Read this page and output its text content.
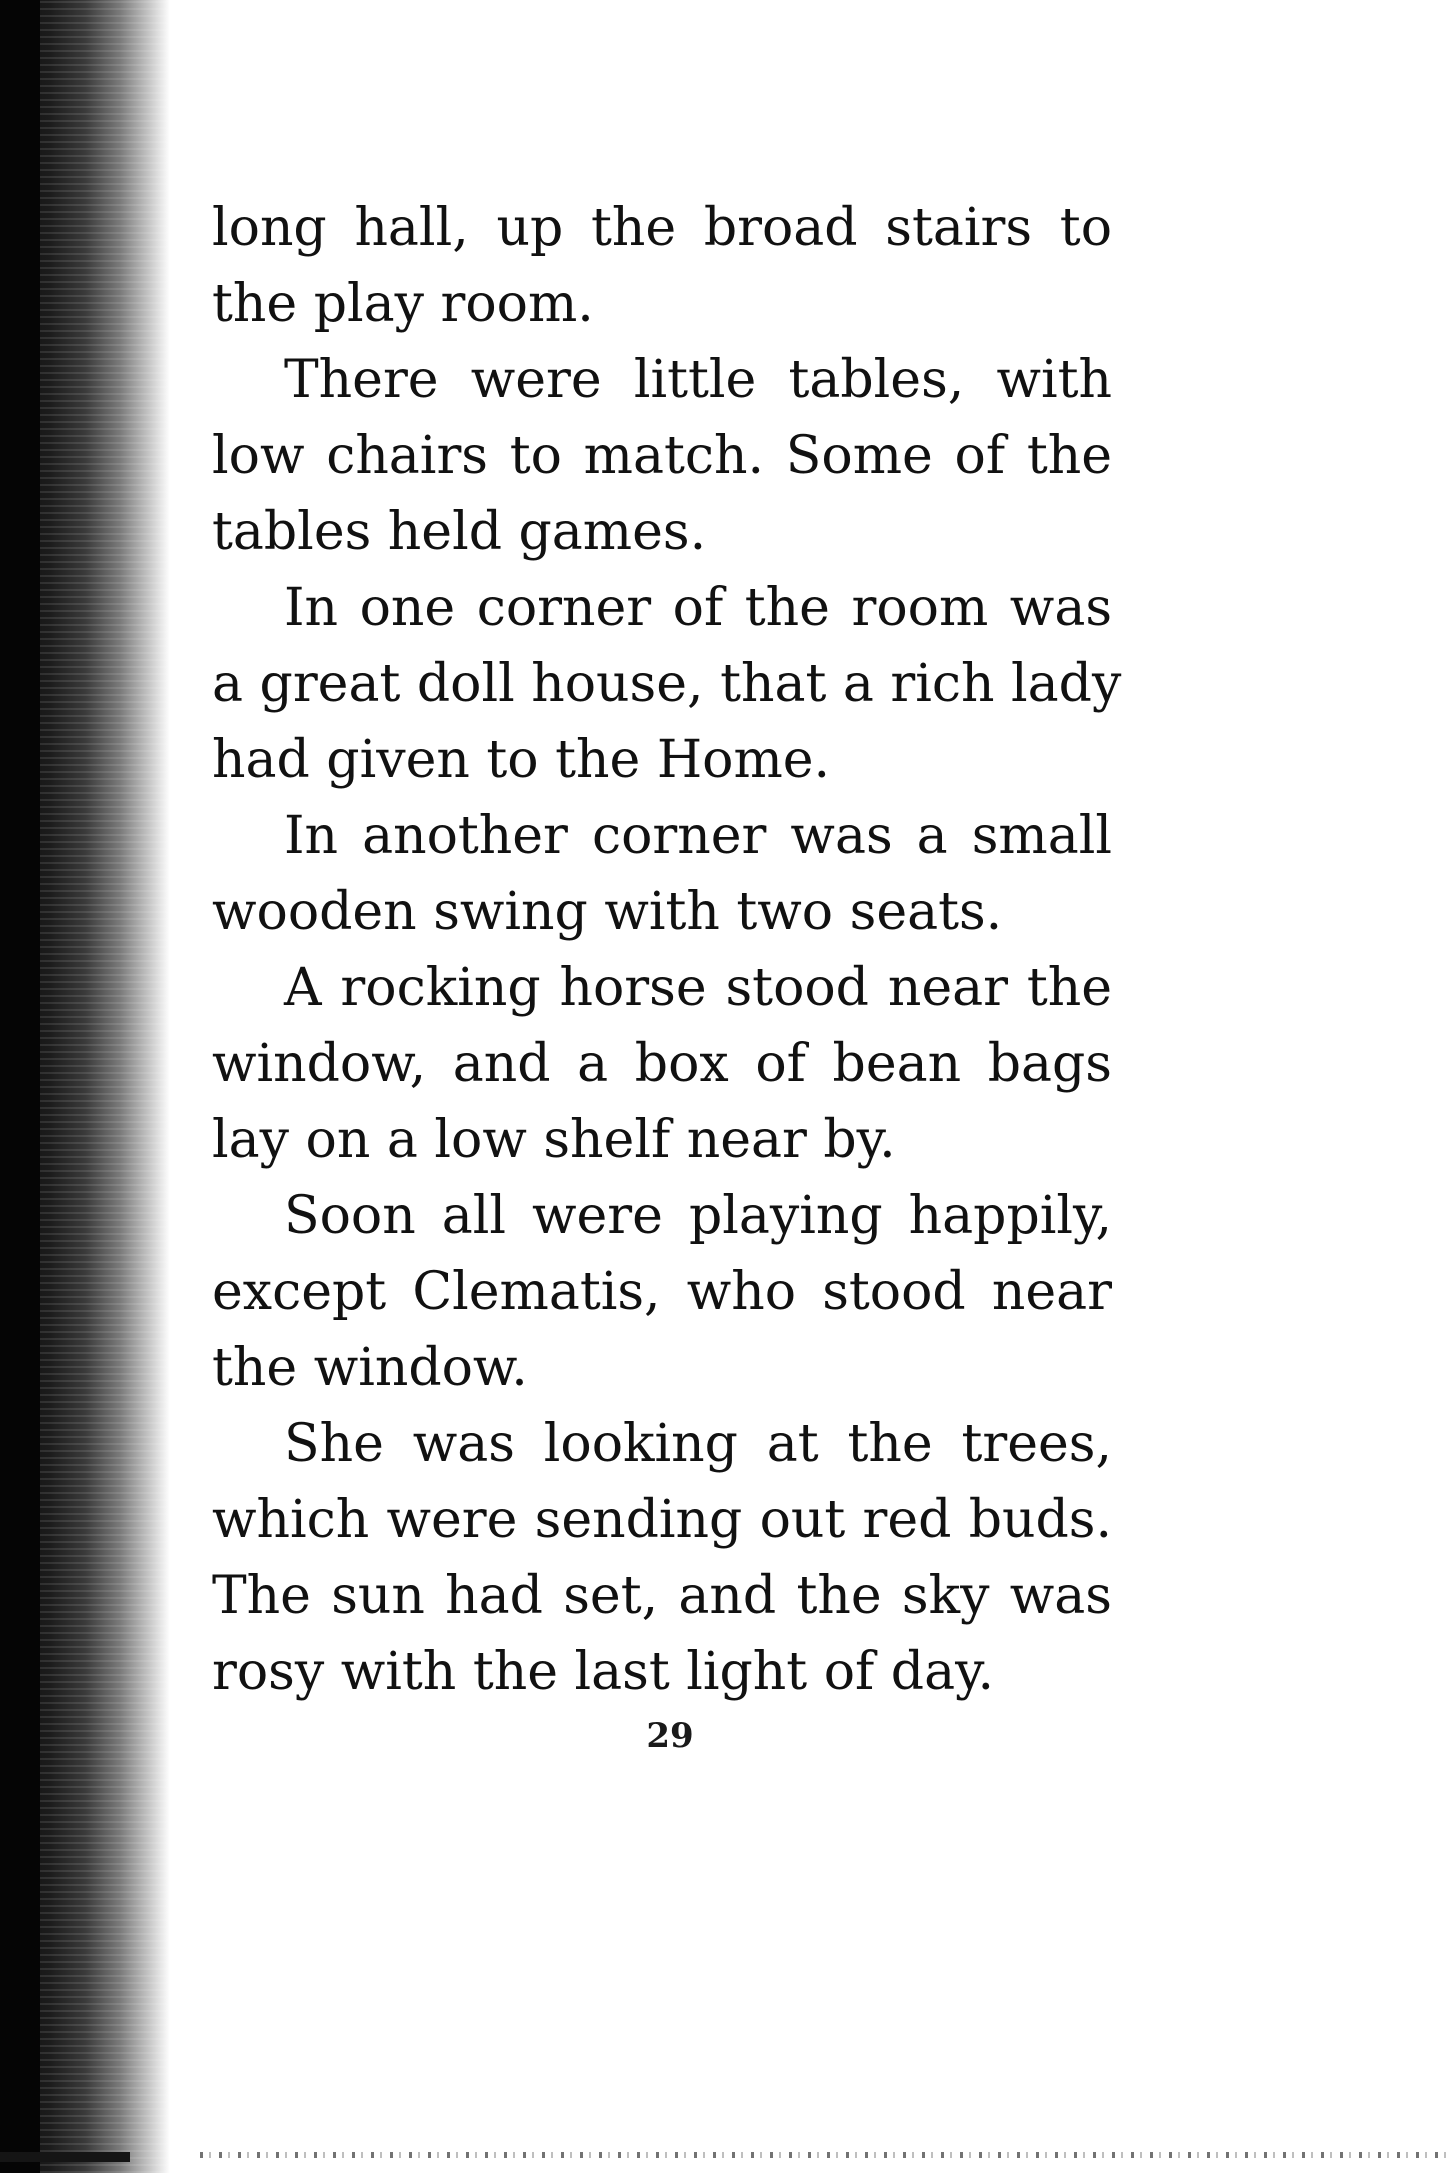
long hall, up the broad stairs to
the play room.
There were little tables, with
low chairs to match. Some of the
tables held games.
In one corner of the room was
a great doll house, that a rich lady
had given to the Home.
In another corner was a small
wooden swing with two seats.
A rocking horse stood near the
window, and a box of bean bags
lay on a low shelf near by.
Soon all were playing happily,
except Clematis, who stood near
the window.
She was looking at the trees,
which were sending out red buds.
The sun had set, and the sky was
rosy with the last light of day.
29
